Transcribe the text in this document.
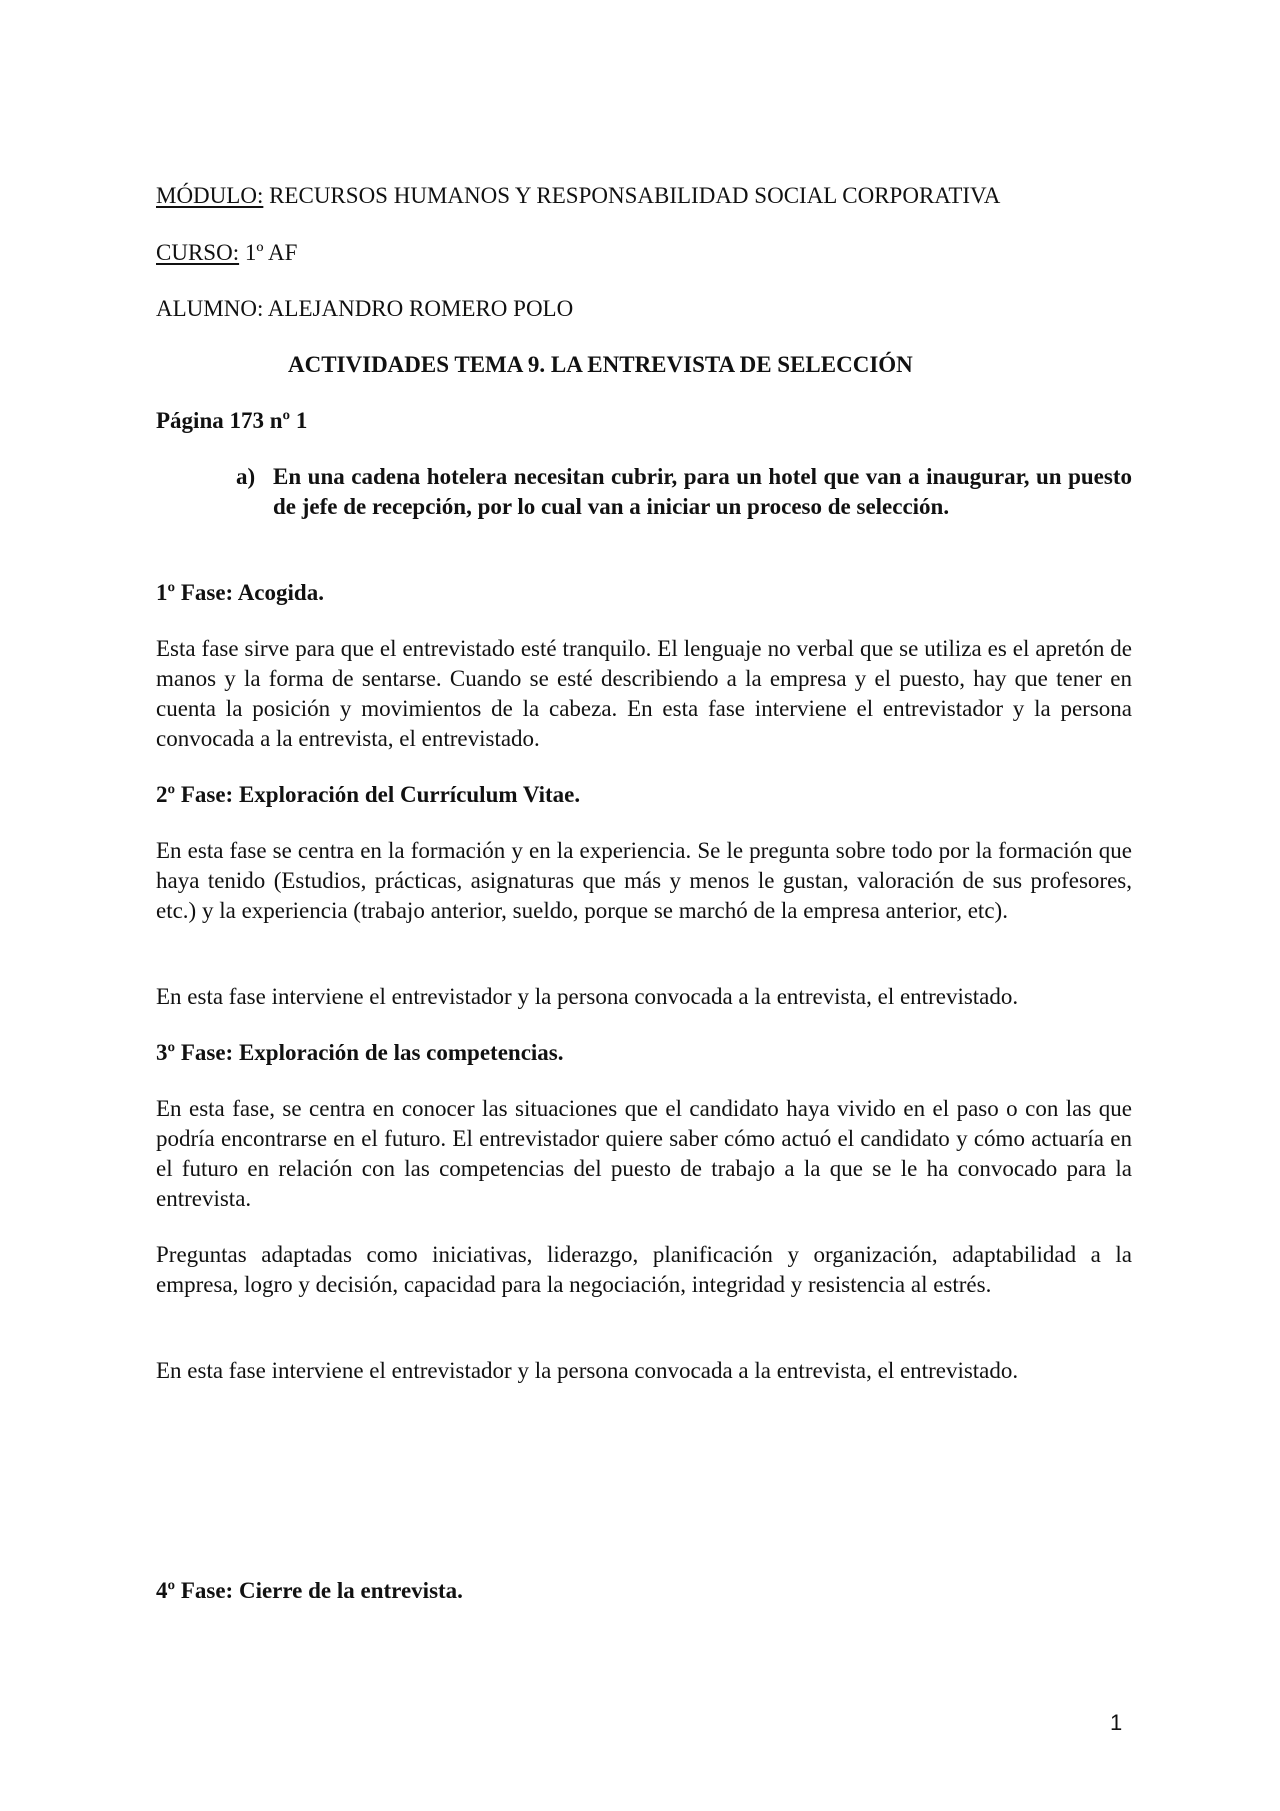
MÓDULO: RECURSOS HUMANOS Y RESPONSABILIDAD SOCIAL CORPORATIVA
CURSO: 1º AF
ALUMNO: ALEJANDRO ROMERO POLO
ACTIVIDADES TEMA 9. LA ENTREVISTA DE SELECCIÓN
Página 173 nº 1
a) En una cadena hotelera necesitan cubrir, para un hotel que van a inaugurar, un puesto de jefe de recepción, por lo cual van a iniciar un proceso de selección.
1º Fase: Acogida.

Esta fase sirve para que el entrevistado esté tranquilo. El lenguaje no verbal que se utiliza es el apretón de manos y la forma de sentarse. Cuando se esté describiendo a la empresa y el puesto, hay que tener en cuenta la posición y movimientos de la cabeza. En esta fase interviene el entrevistador y la persona convocada a la entrevista, el entrevistado.

2º Fase: Exploración del Currículum Vitae.

En esta fase se centra en la formación y en la experiencia. Se le pregunta sobre todo por la formación que haya tenido (Estudios, prácticas, asignaturas que más y menos le gustan, valoración de sus profesores, etc.) y la experiencia (trabajo anterior, sueldo, porque se marchó de la empresa anterior, etc).

En esta fase interviene el entrevistador y la persona convocada a la entrevista, el entrevistado.

3º Fase: Exploración de las competencias.

En esta fase, se centra en conocer las situaciones que el candidato haya vivido en el paso o con las que podría encontrarse en el futuro. El entrevistador quiere saber cómo actuó el candidato y cómo actuaría en el futuro en relación con las competencias del puesto de trabajo a la que se le ha convocado para la entrevista.

Preguntas adaptadas como iniciativas, liderazgo, planificación y organización, adaptabilidad a la empresa, logro y decisión, capacidad para la negociación, integridad y resistencia al estrés.

En esta fase interviene el entrevistador y la persona convocada a la entrevista, el entrevistado.

4º Fase: Cierre de la entrevista.
1
